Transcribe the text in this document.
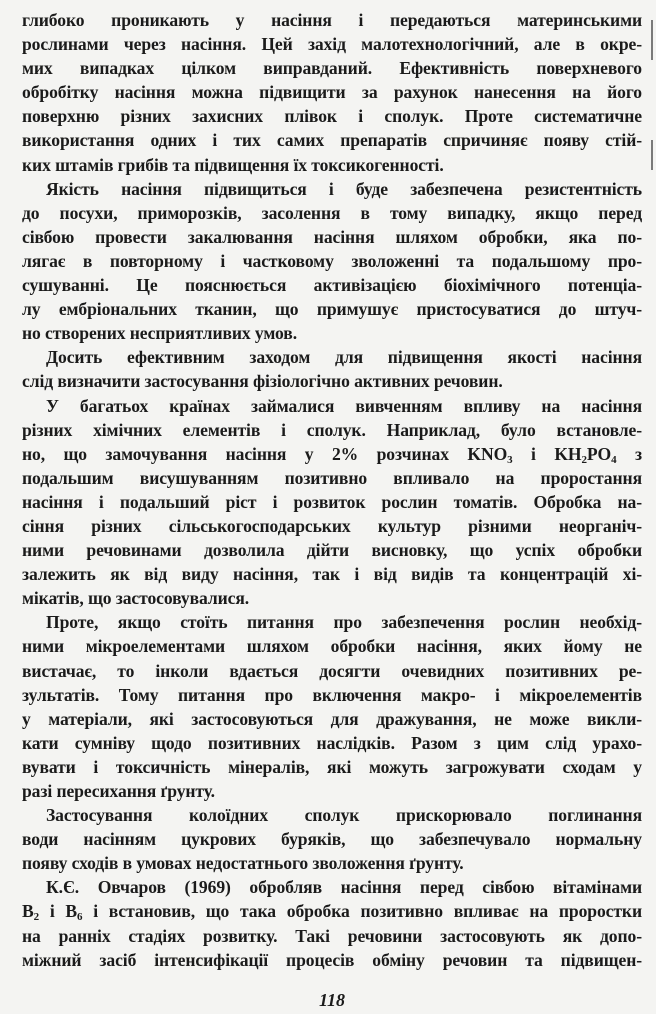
глибоко проникають у насіння і передаються материнськими
рослинами через насіння. Цей захід малотехнологічний, але в окре-
мих випадках цілком виправданий. Ефективність поверхневого
обробітку насіння можна підвищити за рахунок нанесення на його
поверхню різних захисних плівок і сполук. Проте систематичне
використання одних і тих самих препаратів спричиняє появу стій-
ких штамів грибів та підвищення їх токсикогенності.

Якість насіння підвищиться і буде забезпечена резистентність
до посухи, приморозків, засолення в тому випадку, якщо перед
сівбою провести закалювання насіння шляхом обробки, яка по-
лягає в повторному і частковому зволоженні та подальшому про-
сушуванні. Це пояснюється активізацією біохімічного потенціа-
лу ембріональних тканин, що примушує пристосуватися до штуч-
но створених несприятливих умов.

Досить ефективним заходом для підвищення якості насіння
слід визначити застосування фізіологічно активних речовин.

У багатьох країнах займалися вивченням впливу на насіння
різних хімічних елементів і сполук. Наприклад, було встановле-
но, що замочування насіння у 2% розчинах $KNO_3$ і $KH_2PO_4$ з
подальшим висушуванням позитивно впливало на проростання
насіння і подальший ріст і розвиток рослин томатів. Обробка на-
сіння різних сільськогосподарських культур різними неорганіч-
ними речовинами дозволила дійти висновку, що успіх обробки
залежить як від виду насіння, так і від видів та концентрацій хі-
мікатів, що застосовувалися.

Проте, якщо стоїть питання про забезпечення рослин необхід-
ними мікроелементами шляхом обробки насіння, яких йому не
вистачає, то інколи вдається досягти очевидних позитивних ре-
зультатів. Тому питання про включення макро- і мікроелементів
у матеріали, які застосовуються для дражування, не може викли-
кати сумніву щодо позитивних наслідків. Разом з цим слід урахо-
вувати і токсичність мінералів, які можуть загрожувати сходам у
разі пересихання ґрунту.

Застосування колоїдних сполук прискорювало поглинання
води насінням цукрових буряків, що забезпечувало нормальну
появу сходів в умовах недостатнього зволоження ґрунту.

К.Є. Овчаров (1969) обробляв насіння перед сівбою вітамінами
$B_2$ і $B_6$ і встановив, що така обробка позитивно впливає на проростки
на ранніх стадіях розвитку. Такі речовини застосовують як допо-
міжний засіб інтенсифікації процесів обміну речовин та підвищен-

118
